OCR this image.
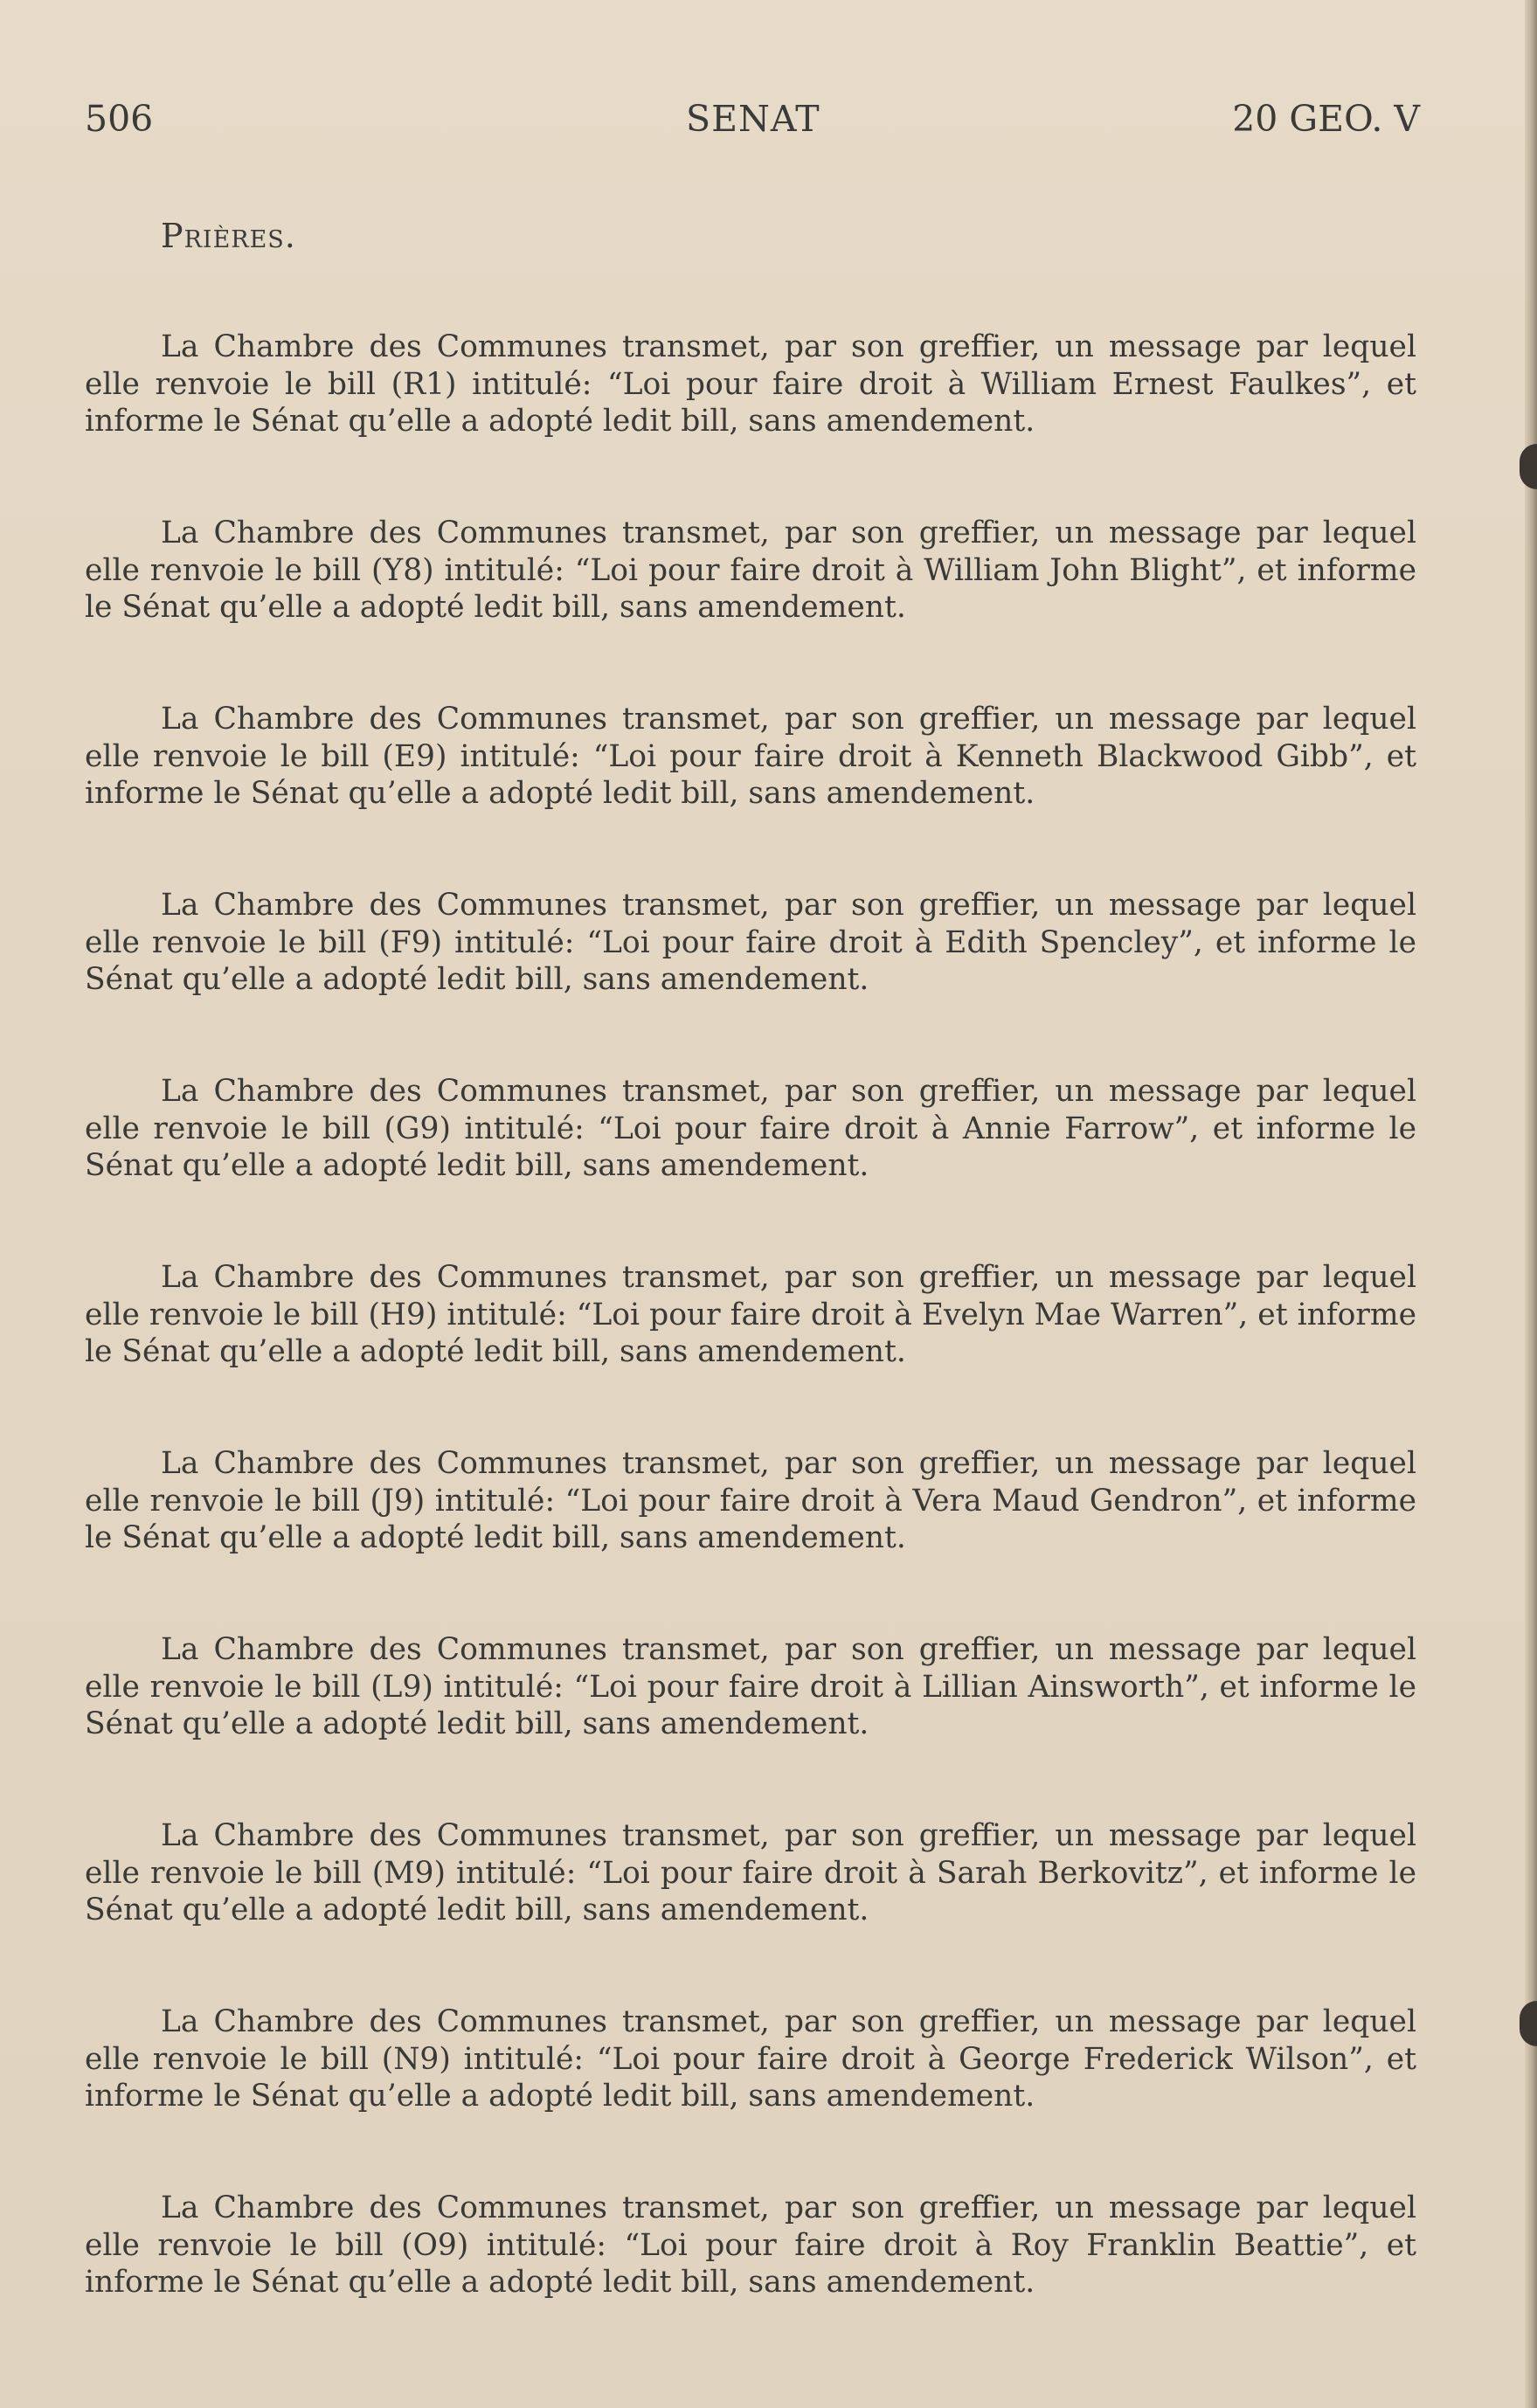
506	SENAT	20 GEO. V
Prières.

La Chambre des Communes transmet, par son greffier, un message par lequel elle renvoie le bill (R1) intitulé: “Loi pour faire droit à William Ernest Faulkes”, et informe le Sénat qu’elle a adopté ledit bill, sans amendement.

La Chambre des Communes transmet, par son greffier, un message par lequel elle renvoie le bill (Y8) intitulé: “Loi pour faire droit à William John Blight”, et informe le Sénat qu’elle a adopté ledit bill, sans amendement.

La Chambre des Communes transmet, par son greffier, un message par lequel elle renvoie le bill (E9) intitulé: “Loi pour faire droit à Kenneth Blackwood Gibb”, et informe le Sénat qu’elle a adopté ledit bill, sans amendement.

La Chambre des Communes transmet, par son greffier, un message par lequel elle renvoie le bill (F9) intitulé: “Loi pour faire droit à Edith Spencley”, et informe le Sénat qu’elle a adopté ledit bill, sans amendement.

La Chambre des Communes transmet, par son greffier, un message par lequel elle renvoie le bill (G9) intitulé: “Loi pour faire droit à Annie Farrow”, et informe le Sénat qu’elle a adopté ledit bill, sans amendement.

La Chambre des Communes transmet, par son greffier, un message par lequel elle renvoie le bill (H9) intitulé: “Loi pour faire droit à Evelyn Mae Warren”, et informe le Sénat qu’elle a adopté ledit bill, sans amendement.

La Chambre des Communes transmet, par son greffier, un message par lequel elle renvoie le bill (J9) intitulé: “Loi pour faire droit à Vera Maud Gendron”, et informe le Sénat qu’elle a adopté ledit bill, sans amendement.

La Chambre des Communes transmet, par son greffier, un message par lequel elle renvoie le bill (L9) intitulé: “Loi pour faire droit à Lillian Ainsworth”, et informe le Sénat qu’elle a adopté ledit bill, sans amendement.

La Chambre des Communes transmet, par son greffier, un message par lequel elle renvoie le bill (M9) intitulé: “Loi pour faire droit à Sarah Berkovitz”, et informe le Sénat qu’elle a adopté ledit bill, sans amendement.

La Chambre des Communes transmet, par son greffier, un message par lequel elle renvoie le bill (N9) intitulé: “Loi pour faire droit à George Frederick Wilson”, et informe le Sénat qu’elle a adopté ledit bill, sans amendement.

La Chambre des Communes transmet, par son greffier, un message par lequel elle renvoie le bill (O9) intitulé: “Loi pour faire droit à Roy Franklin Beattie”, et informe le Sénat qu’elle a adopté ledit bill, sans amendement.
